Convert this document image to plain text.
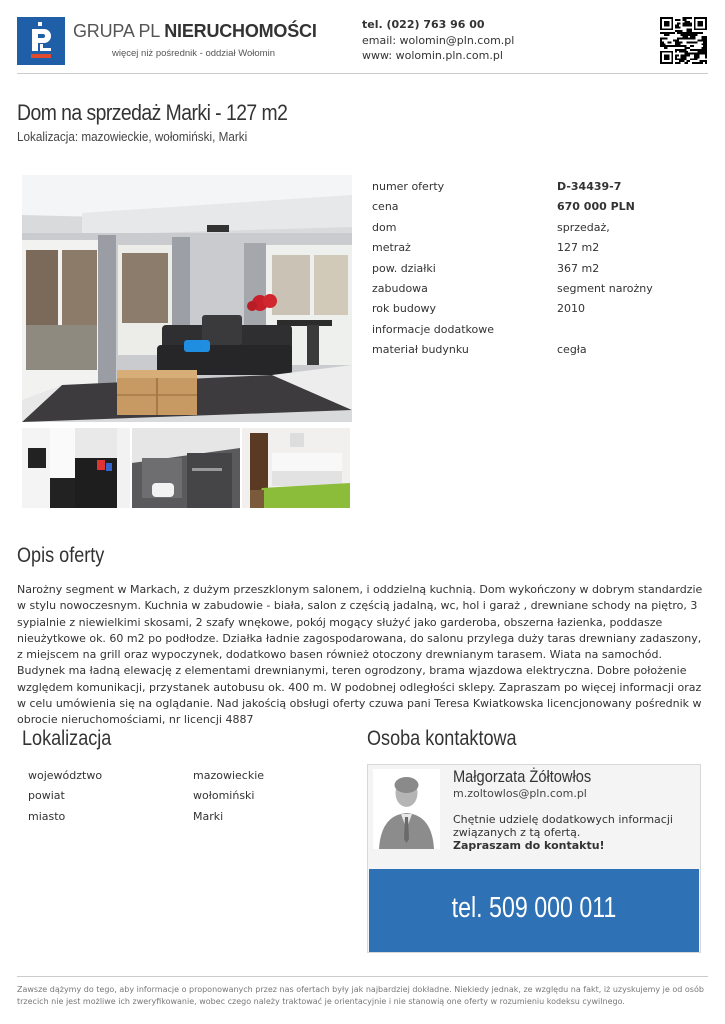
GRUPA PL NIERUCHOMOŚCI
więcej niż pośrednik - oddział Wołomin
tel. (022) 763 96 00
email: wolomin@pln.com.pl
www: wolomin.pln.com.pl
Dom na sprzedaż Marki - 127 m2
Lokalizacja: mazowieckie, wołomiński, Marki
numer oferty	D-34439-7
cena	670 000 PLN
dom	sprzedaż,
metraż	127 m2
pow. działki	367 m2
zabudowa	segment narożny
rok budowy	2010
informacje dodatkowe
materiał budynku	cegła
Opis oferty
Narożny segment w Markach, z dużym przeszklonym salonem, i oddzielną kuchnią. Dom wykończony w dobrym standardzie w stylu nowoczesnym. Kuchnia w zabudowie - biała, salon z częścią jadalną, wc, hol i garaż , drewniane schody na piętro, 3 sypialnie z niewielkimi skosami, 2 szafy wnękowe, pokój mogący służyć jako garderoba, obszerna łazienka, poddasze nieużytkowe ok. 60 m2 po podłodze. Działka ładnie zagospodarowana, do salonu przylega duży taras drewniany zadaszony, z miejscem na grill oraz wypoczynek, dodatkowo basen również otoczony drewnianym tarasem. Wiata na samochód. Budynek ma ładną elewację z elementami drewnianymi, teren ogrodzony, brama wjazdowa elektryczna. Dobre położenie względem komunikacji, przystanek autobusu ok. 400 m. W podobnej odległości sklepy. Zapraszam po więcej informacji oraz w celu umówienia się na oglądanie. Nad jakością obsługi oferty czuwa pani Teresa Kwiatkowska licencjonowany pośrednik w obrocie nieruchomościami, nr licencji 4887
Lokalizacja
województwo	mazowieckie
powiat	wołomiński
miasto	Marki
Osoba kontaktowa
Małgorzata Żółtowłos
m.zoltowlos@pln.com.pl
Chętnie udzielę dodatkowych informacji związanych z tą ofertą.
Zapraszam do kontaktu!
tel. 509 000 011
Zawsze dążymy do tego, aby informacje o proponowanych przez nas ofertach były jak najbardziej dokładne. Niekiedy jednak, ze względu na fakt, iż uzyskujemy je od osób trzecich nie jest możliwe ich zweryfikowanie, wobec czego należy traktować je orientacyjnie i nie stanowią one oferty w rozumieniu kodeksu cywilnego.
